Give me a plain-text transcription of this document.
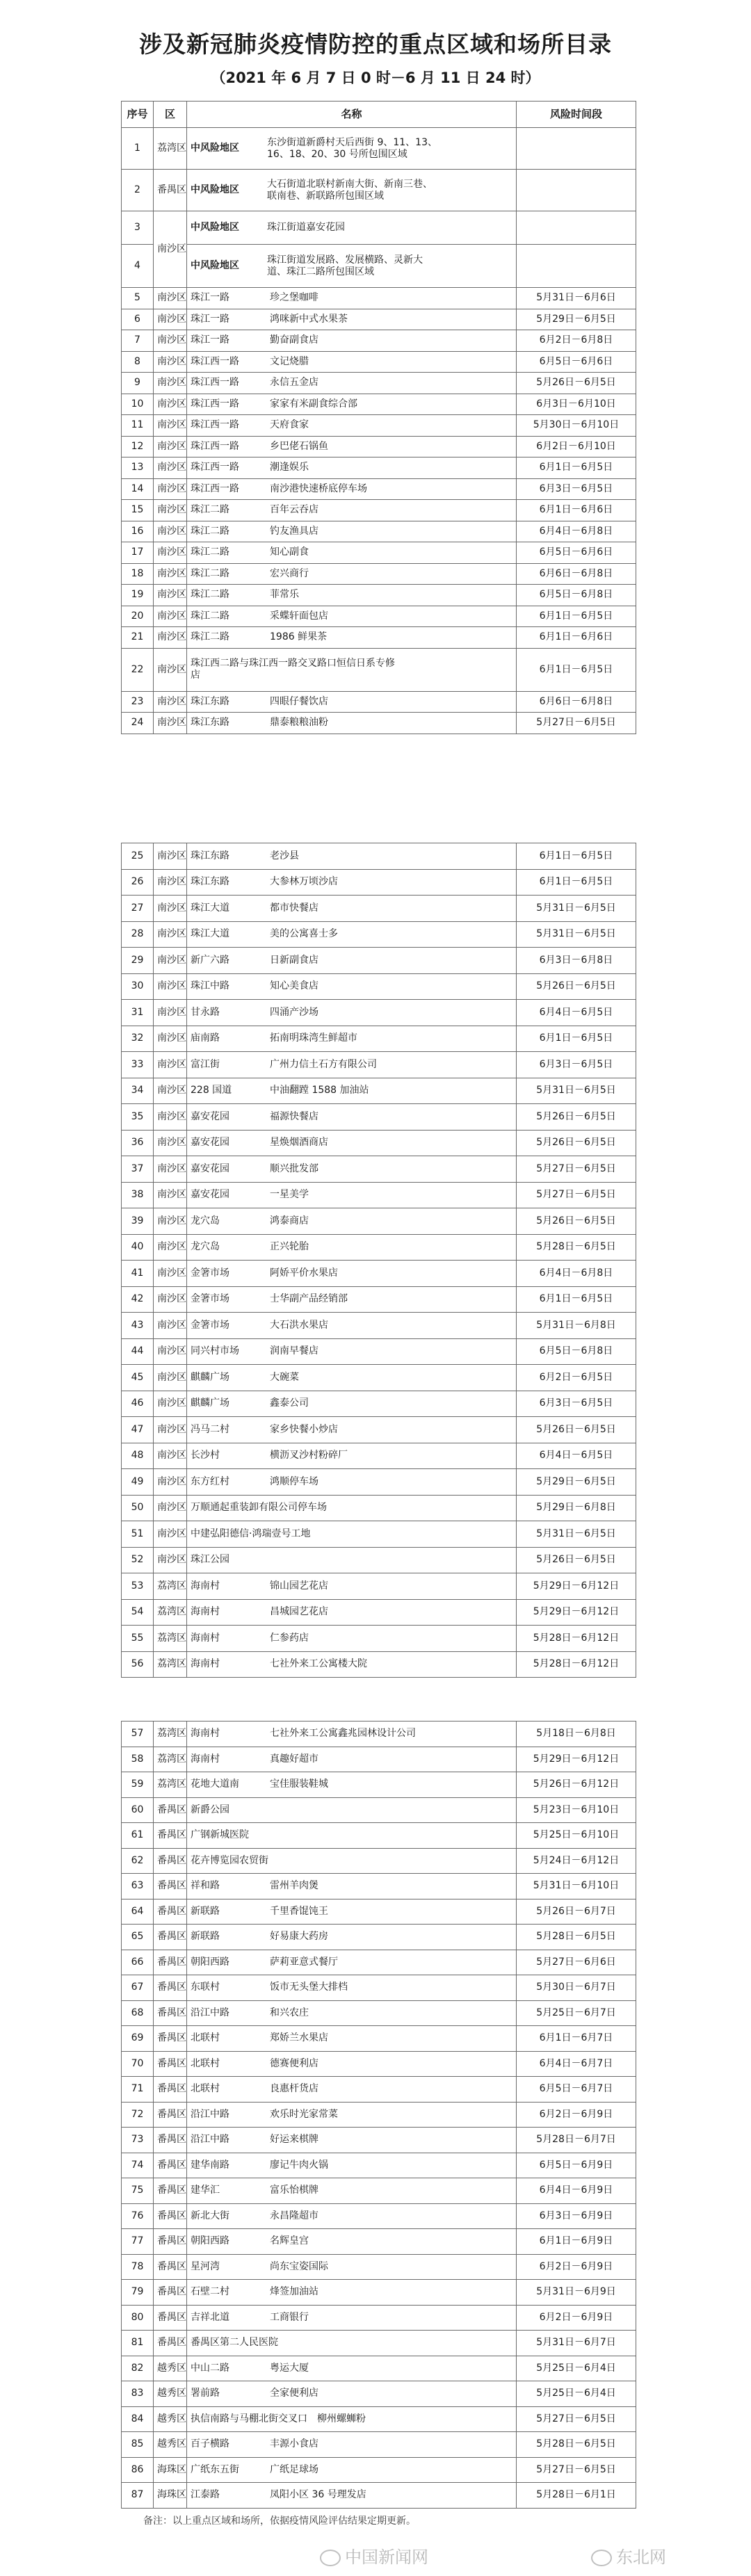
涉及新冠肺炎疫情防控的重点区域和场所目录
（2021 年 6 月 7 日 0 时－6 月 11 日 24 时）
序号	区	名称	风险时间段
1	荔湾区	中风险地区东沙街道新爵村天后西街 9、11、13、16、18、20、30 号所包围区域	
2	番禺区	中风险地区大石街道北联村新南大街、新南三巷、联南巷、新联路所包围区域	
3	南沙区	中风险地区 珠江街道嘉安花园	
4		中风险地区珠江街道发展路、发展横路、灵新大道、珠江二路所包围区域	
5	南沙区	珠江一路 珍之堡咖啡	5月31日－6月6日
6	南沙区	珠江一路 鸿咪新中式水果茶	5月29日－6月5日
7	南沙区	珠江一路 勤奋副食店	6月2日－6月8日
8	南沙区	珠江西一路 文记烧腊	6月5日－6月6日
9	南沙区	珠江西一路 永信五金店	5月26日－6月5日
10	南沙区	珠江西一路 家家有米副食综合部	6月3日－6月10日
11	南沙区	珠江西一路 天府食家	5月30日－6月10日
12	南沙区	珠江西一路 乡巴佬石锅鱼	6月2日－6月10日
13	南沙区	珠江西一路 潮逢娱乐	6月1日－6月5日
14	南沙区	珠江西一路 南沙港快速桥底停车场	6月3日－6月5日
15	南沙区	珠江二路 百年云吞店	6月1日－6月6日
16	南沙区	珠江二路 钓友渔具店	6月4日－6月8日
17	南沙区	珠江二路 知心副食	6月5日－6月6日
18	南沙区	珠江二路 宏兴商行	6月6日－6月8日
19	南沙区	珠江二路 菲常乐	6月5日－6月8日
20	南沙区	珠江二路 采蝶轩面包店	6月1日－6月5日
21	南沙区	珠江二路 1986 鲜果茶	6月1日－6月6日
22	南沙区	珠江西二路与珠江西一路交叉路口恒信日系专修店	6月1日－6月5日
23	南沙区	珠江东路 四眼仔餐饮店	6月6日－6月8日
24	南沙区	珠江东路 鼎泰粮粮油粉	5月27日－6月5日
25	南沙区	珠江东路 老沙县	6月1日－6月5日
26	南沙区	珠江东路 大参林万顷沙店	6月1日－6月5日
27	南沙区	珠江大道 都市快餐店	5月31日－6月5日
28	南沙区	珠江大道 美的公寓喜士多	5月31日－6月5日
29	南沙区	新广六路 日新副食店	6月3日－6月8日
30	南沙区	珠江中路 知心美食店	5月26日－6月5日
31	南沙区	甘永路 四涌产沙场	6月4日－6月5日
32	南沙区	庙南路 拓南明珠湾生鲜超市	6月1日－6月5日
33	南沙区	富江街 广州力信土石方有限公司	6月3日－6月5日
34	南沙区	228 国道 中油翻蹚 1588 加油站	5月31日－6月5日
35	南沙区	嘉安花园 福源快餐店	5月26日－6月5日
36	南沙区	嘉安花园 星焕烟酒商店	5月26日－6月5日
37	南沙区	嘉安花园 顺兴批发部	5月27日－6月5日
38	南沙区	嘉安花园 一星美学	5月27日－6月5日
39	南沙区	龙穴岛 鸿泰商店	5月26日－6月5日
40	南沙区	龙穴岛 正兴轮胎	5月28日－6月5日
41	南沙区	金箸市场 阿娇平价水果店	6月4日－6月8日
42	南沙区	金箸市场 士华副产品经销部	6月1日－6月5日
43	南沙区	金箸市场 大石洪水果店	5月31日－6月8日
44	南沙区	同兴村市场 润南早餐店	6月5日－6月8日
45	南沙区	麒麟广场 大碗菜	6月2日－6月5日
46	南沙区	麒麟广场 鑫泰公司	6月3日－6月5日
47	南沙区	冯马二村 家乡快餐小炒店	5月26日－6月5日
48	南沙区	长沙村 横沥叉沙村粉碎厂	6月4日－6月5日
49	南沙区	东方红村 鸿顺停车场	5月29日－6月5日
50	南沙区	万顺通起重装卸有限公司停车场	5月29日－6月8日
51	南沙区	中建弘阳德信·鸿瑞壹号工地	5月31日－6月5日
52	南沙区	珠江公园	5月26日－6月5日
53	荔湾区	海南村 锦山园艺花店	5月29日－6月12日
54	荔湾区	海南村 昌城园艺花店	5月29日－6月12日
55	荔湾区	海南村 仁参药店	5月28日－6月12日
56	荔湾区	海南村 七社外来工公寓楼大院	5月28日－6月12日
57	荔湾区	海南村 七社外来工公寓鑫兆园林设计公司	5月18日－6月8日
58	荔湾区	海南村 真趣好超市	5月29日－6月12日
59	荔湾区	花地大道南 宝佳服装鞋城	5月26日－6月12日
60	番禺区	新爵公园	5月23日－6月10日
61	番禺区	广钢新城医院	5月25日－6月10日
62	番禺区	花卉博览园农贸街	5月24日－6月12日
63	番禺区	祥和路 雷州羊肉煲	5月31日－6月10日
64	番禺区	新联路 千里香馄饨王	5月26日－6月7日
65	番禺区	新联路 好易康大药房	5月28日－6月5日
66	番禺区	朝阳西路 萨莉亚意式餐厅	5月27日－6月6日
67	番禺区	东联村 饭市无头堡大排档	5月30日－6月7日
68	番禺区	沿江中路 和兴农庄	5月25日－6月7日
69	番禺区	北联村 郑娇兰水果店	6月1日－6月7日
70	番禺区	北联村 德赛便利店	6月4日－6月7日
71	番禺区	北联村 良惠杆货店	6月5日－6月7日
72	番禺区	沿江中路 欢乐时光家常菜	6月2日－6月9日
73	番禺区	沿江中路 好运来棋牌	5月28日－6月7日
74	番禺区	建华南路 廖记牛肉火锅	6月5日－6月9日
75	番禺区	建华汇 富乐怡棋牌	6月4日－6月9日
76	番禺区	新北大街 永昌隆超市	6月3日－6月9日
77	番禺区	朝阳西路 名辉皇宫	6月1日－6月9日
78	番禺区	星河湾 尚东宝姿国际	6月2日－6月9日
79	番禺区	石壁二村 烽签加油站	5月31日－6月9日
80	番禺区	吉祥北道 工商银行	6月2日－6月9日
81	番禺区	番禺区第二人民医院	5月31日－6月7日
82	越秀区	中山二路 粤运大厦	5月25日－6月4日
83	越秀区	署前路 全家便利店	5月25日－6月4日
84	越秀区	执信南路与马棚北街交叉口 柳州螺蛳粉	5月27日－6月5日
85	越秀区	百子横路 丰源小食店	5月28日－6月5日
86	海珠区	广纸东五街 广纸足球场	5月27日－6月5日
87	海珠区	江泰路 凤阳小区 36 号理发店	5月28日－6月1日
备注：以上重点区域和场所，依据疫情风险评估结果定期更新。
中国新闻网	东北网
